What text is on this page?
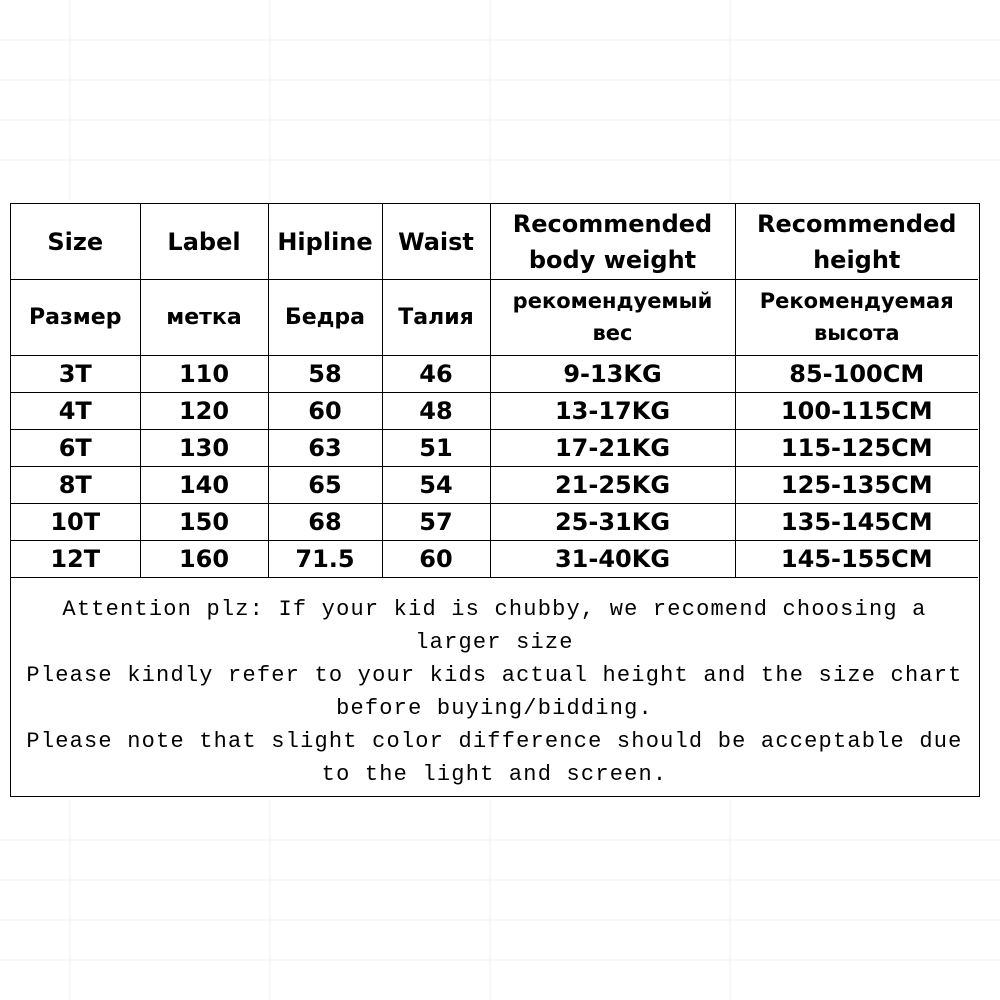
Size	Label	Hipline	Waist	Recommended body weight	Recommended height
Размер	метка	Бедра	Талия	рекомендуемый вес	Рекомендуемая высота
3T	110	58	46	9-13KG	85-100CM
4T	120	60	48	13-17KG	100-115CM
6T	130	63	51	17-21KG	115-125CM
8T	140	65	54	21-25KG	125-135CM
10T	150	68	57	25-31KG	135-145CM
12T	160	71.5	60	31-40KG	145-155CM

Attention plz: If your kid is chubby, we recomend choosing a larger size

Please kindly refer to your kids actual height and the size chart before buying/bidding.

Please note that slight color difference should be acceptable due to the light and screen.
